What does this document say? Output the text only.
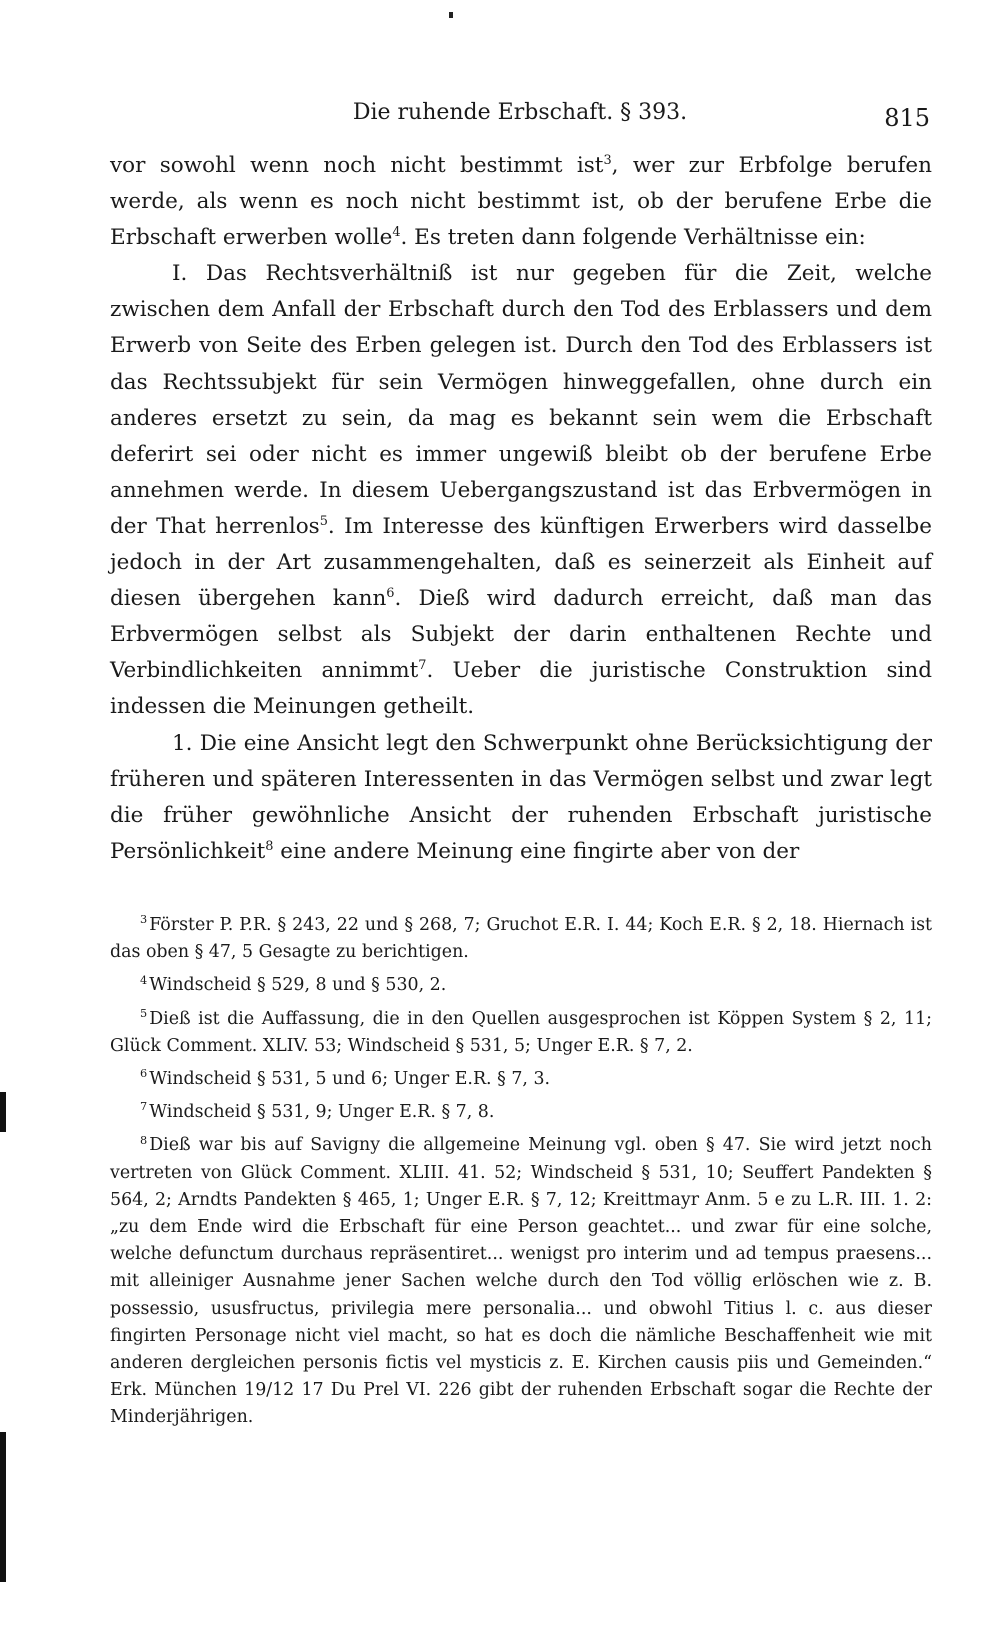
Die ruhende Erbschaft. § 393.	815

vor sowohl wenn noch nicht bestimmt ist$^3$, wer zur Erbfolge berufen werde, als wenn es noch nicht bestimmt ist, ob der berufene Erbe die Erbschaft erwerben wolle$^4$. Es treten dann folgende Verhältnisse ein:

I. Das Rechtsverhältniß ist nur gegeben für die Zeit, welche zwischen dem Anfall der Erbschaft durch den Tod des Erblassers und dem Erwerb von Seite des Erben gelegen ist. Durch den Tod des Erblassers ist das Rechtssubjekt für sein Vermögen hinweggefallen, ohne durch ein anderes ersetzt zu sein, da mag es bekannt sein wem die Erbschaft deferirt sei oder nicht es immer ungewiß bleibt ob der berufene Erbe annehmen werde. In diesem Uebergangszustand ist das Erbvermögen in der That herrenlos$^5$. Im Interesse des künftigen Erwerbers wird dasselbe jedoch in der Art zusammengehalten, daß es seinerzeit als Einheit auf diesen übergehen kann$^6$. Dieß wird dadurch erreicht, daß man das Erbvermögen selbst als Subjekt der darin enthaltenen Rechte und Verbindlichkeiten annimmt$^7$. Ueber die juristische Construktion sind indessen die Meinungen getheilt.

1. Die eine Ansicht legt den Schwerpunkt ohne Berücksichtigung der früheren und späteren Interessenten in das Vermögen selbst und zwar legt die früher gewöhnliche Ansicht der ruhenden Erbschaft juristische Persönlichkeit$^8$ eine andere Meinung eine fingirte aber von der

$^3$ Förster P. P.R. § 243, 22 und § 268, 7; Gruchot E.R. I. 44; Koch E.R. § 2, 18. Hiernach ist das oben § 47, 5 Gesagte zu berichtigen.

$^4$ Windscheid § 529, 8 und § 530, 2.

$^5$ Dieß ist die Auffassung, die in den Quellen ausgesprochen ist Köppen System § 2, 11; Glück Comment. XLIV. 53; Windscheid § 531, 5; Unger E.R. § 7, 2.

$^6$ Windscheid § 531, 5 und 6; Unger E.R. § 7, 3.

$^7$ Windscheid § 531, 9; Unger E.R. § 7, 8.

$^8$ Dieß war bis auf Savigny die allgemeine Meinung vgl. oben § 47. Sie wird jetzt noch vertreten von Glück Comment. XLIII. 41. 52; Windscheid § 531, 10; Seuffert Pandekten § 564, 2; Arndts Pandekten § 465, 1; Unger E.R. § 7, 12; Kreittmayr Anm. 5 e zu L.R. III. 1. 2: „zu dem Ende wird die Erbschaft für eine Person geachtet... und zwar für eine solche, welche defunctum durchaus repräsentiret... wenigst pro interim und ad tempus praesens... mit alleiniger Ausnahme jener Sachen welche durch den Tod völlig erlöschen wie z. B. possessio, ususfructus, privilegia mere personalia... und obwohl Titius l. c. aus dieser fingirten Personage nicht viel macht, so hat es doch die nämliche Beschaffenheit wie mit anderen dergleichen personis fictis vel mysticis z. E. Kirchen causis piis und Gemeinden.“ Erk. München 19/12 17 Du Prel VI. 226 gibt der ruhenden Erbschaft sogar die Rechte der Minderjährigen.
